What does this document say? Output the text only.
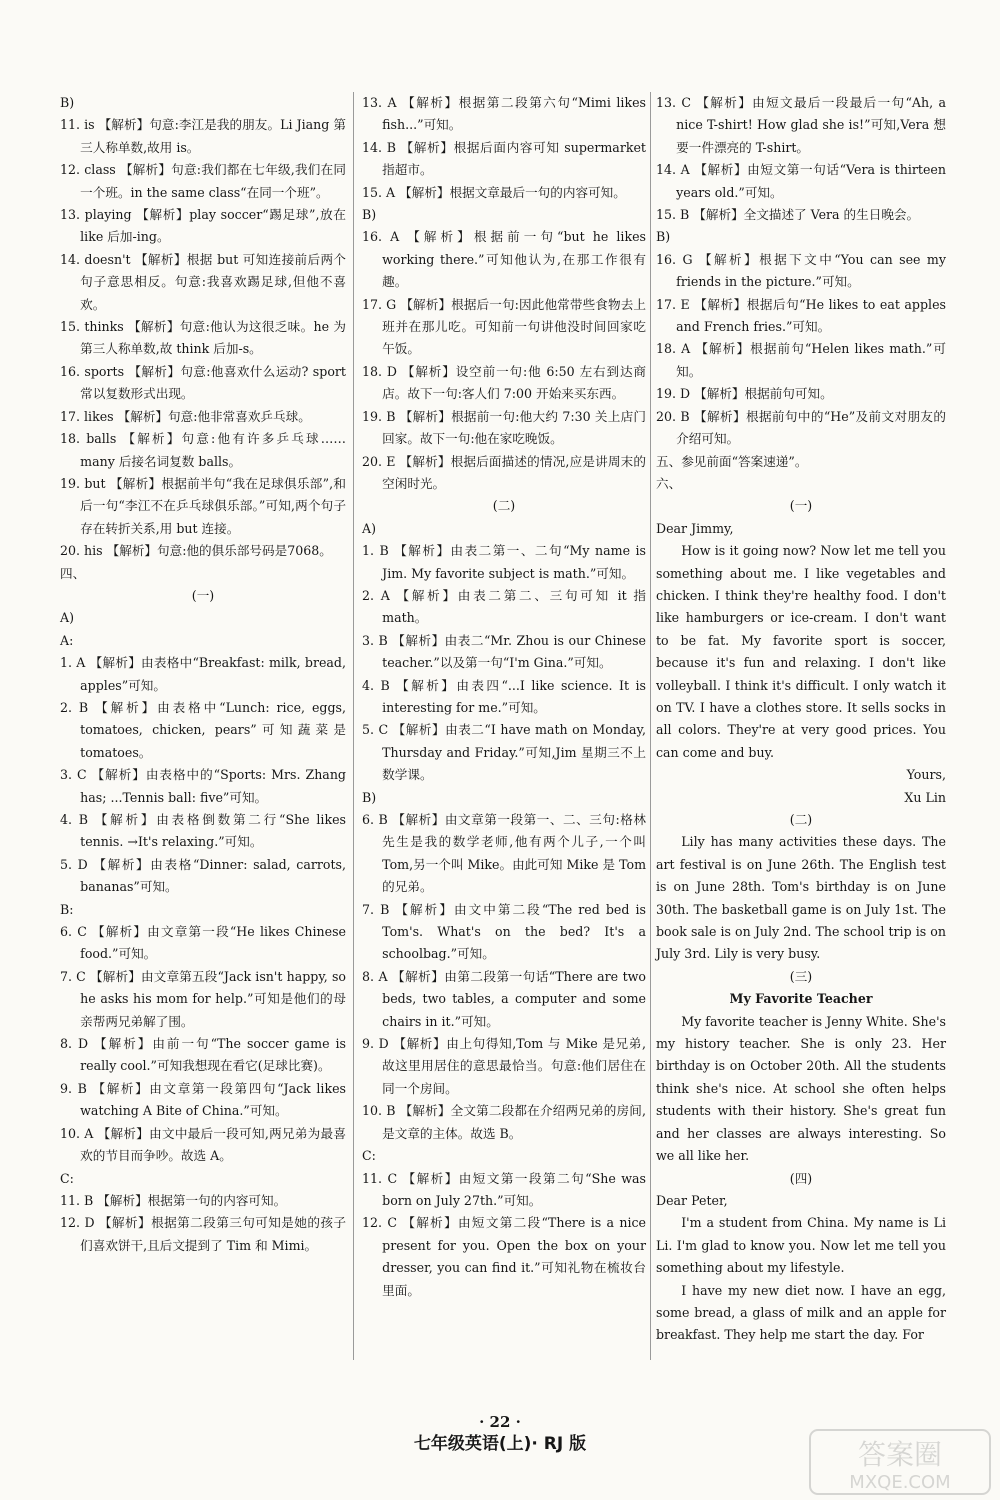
B)
11. is 【解析】句意:李江是我的朋友。Li Jiang 第三人称单数,故用 is。
12. class 【解析】句意:我们都在七年级,我们在同一个班。in the same class“在同一个班”。
13. playing 【解析】play soccer“踢足球”,放在 like 后加-ing。
14. doesn't 【解析】根据 but 可知连接前后两个句子意思相反。句意:我喜欢踢足球,但他不喜欢。
15. thinks 【解析】句意:他认为这很乏味。he 为第三人称单数,故 think 后加-s。
16. sports 【解析】句意:他喜欢什么运动? sport 常以复数形式出现。
17. likes 【解析】句意:他非常喜欢乒乓球。
18. balls 【解析】句意:他有许多乒乓球…… many 后接名词复数 balls。
19. but 【解析】根据前半句“我在足球俱乐部”,和后一句“李江不在乒乓球俱乐部。”可知,两个句子存在转折关系,用 but 连接。
20. his 【解析】句意:他的俱乐部号码是7068。
四、
(一)
A)
A:
1. A 【解析】由表格中“Breakfast: milk, bread, apples”可知。
2. B 【解析】由表格中“Lunch: rice, eggs, tomatoes, chicken, pears”可知蔬菜是 tomatoes。
3. C 【解析】由表格中的“Sports: Mrs. Zhang has; ...Tennis ball: five”可知。
4. B 【解析】由表格倒数第二行“She likes tennis. →It's relaxing.”可知。
5. D 【解析】由表格“Dinner: salad, carrots, bananas”可知。
B:
6. C 【解析】由文章第一段“He likes Chinese food.”可知。
7. C 【解析】由文章第五段“Jack isn't happy, so he asks his mom for help.”可知是他们的母亲帮两兄弟解了围。
8. D 【解析】由前一句“The soccer game is really cool.”可知我想现在看它(足球比赛)。
9. B 【解析】由文章第一段第四句“Jack likes watching A Bite of China.”可知。
10. A 【解析】由文中最后一段可知,两兄弟为最喜欢的节目而争吵。故选 A。
C:
11. B 【解析】根据第一句的内容可知。
12. D 【解析】根据第二段第三句可知是她的孩子们喜欢饼干,且后文提到了 Tim 和 Mimi。
13. A 【解析】根据第二段第六句“Mimi likes fish...”可知。
14. B 【解析】根据后面内容可知 supermarket 指超市。
15. A 【解析】根据文章最后一句的内容可知。
B)
16. A 【解析】根据前一句“but he likes working there.”可知他认为,在那工作很有趣。
17. G 【解析】根据后一句:因此他常带些食物去上班并在那儿吃。可知前一句讲他没时间回家吃午饭。
18. D 【解析】设空前一句:他 6:50 左右到达商店。故下一句:客人们 7:00 开始来买东西。
19. B 【解析】根据前一句:他大约 7:30 关上店门回家。故下一句:他在家吃晚饭。
20. E 【解析】根据后面描述的情况,应是讲周末的空闲时光。
(二)
A)
1. B 【解析】由表二第一、二句“My name is Jim. My favorite subject is math.”可知。
2. A 【解析】由表二第二、三句可知 it 指 math。
3. B 【解析】由表二“Mr. Zhou is our Chinese teacher.”以及第一句“I'm Gina.”可知。
4. B 【解析】由表四“...I like science. It is interesting for me.”可知。
5. C 【解析】由表二“I have math on Monday, Thursday and Friday.”可知,Jim 星期三不上数学课。
B)
6. B 【解析】由文章第一段第一、二、三句:格林先生是我的数学老师,他有两个儿子,一个叫 Tom,另一个叫 Mike。由此可知 Mike 是 Tom 的兄弟。
7. B 【解析】由文中第二段“The red bed is Tom's. What's on the bed? It's a schoolbag.”可知。
8. A 【解析】由第二段第一句话“There are two beds, two tables, a computer and some chairs in it.”可知。
9. D 【解析】由上句得知,Tom 与 Mike 是兄弟,故这里用居住的意思最恰当。句意:他们居住在同一个房间。
10. B 【解析】全文第二段都在介绍两兄弟的房间,是文章的主体。故选 B。
C:
11. C 【解析】由短文第一段第二句“She was born on July 27th.”可知。
12. C 【解析】由短文第二段“There is a nice present for you. Open the box on your dresser, you can find it.”可知礼物在梳妆台里面。
13. C 【解析】由短文最后一段最后一句“Ah, a nice T-shirt! How glad she is!”可知,Vera 想要一件漂亮的 T-shirt。
14. A 【解析】由短文第一句话“Vera is thirteen years old.”可知。
15. B 【解析】全文描述了 Vera 的生日晚会。
B)
16. G 【解析】根据下文中“You can see my friends in the picture.”可知。
17. E 【解析】根据后句“He likes to eat apples and French fries.”可知。
18. A 【解析】根据前句“Helen likes math.”可知。
19. D 【解析】根据前句可知。
20. B 【解析】根据前句中的“He”及前文对朋友的介绍可知。
五、参见前面“答案速递”。
六、
(一)
Dear Jimmy,
How is it going now? Now let me tell you something about me. I like vegetables and chicken. I think they're healthy food. I don't like hamburgers or ice-cream. I don't want to be fat. My favorite sport is soccer, because it's fun and relaxing. I don't like volleyball. I think it's difficult. I only watch it on TV. I have a clothes store. It sells socks in all colors. They're at very good prices. You can come and buy.
Yours,
Xu Lin
(二)
Lily has many activities these days. The art festival is on June 26th. The English test is on June 28th. Tom's birthday is on June 30th. The basketball game is on July 1st. The book sale is on July 2nd. The school trip is on July 3rd. Lily is very busy.
(三)
My Favorite Teacher
My favorite teacher is Jenny White. She's my history teacher. She is only 23. Her birthday is on October 20th. All the students think she's nice. At school she often helps students with their history. She's great fun and her classes are always interesting. So we all like her.
(四)
Dear Peter,
I'm a student from China. My name is Li Li. I'm glad to know you. Now let me tell you something about my lifestyle.
I have my new diet now. I have an egg, some bread, a glass of milk and an apple for breakfast. They help me start the day. For
· 22 ·
七年级英语(上)· RJ 版	答案圈
MXQE.COM
